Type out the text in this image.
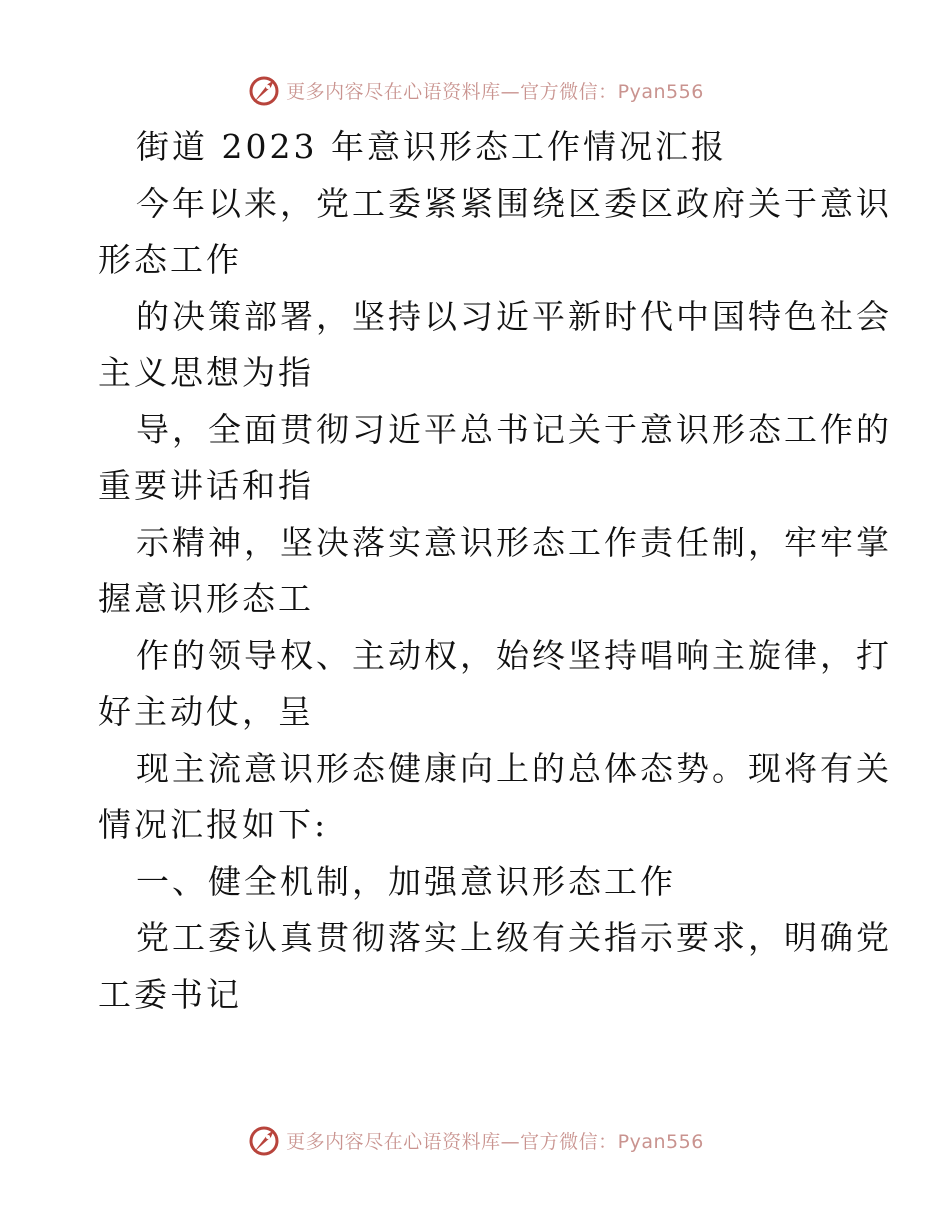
更多内容尽在心语资料库—官方微信：Pyan556
街道 2023 年意识形态工作情况汇报
今年以来，党工委紧紧围绕区委区政府关于意识
形态工作
的决策部署，坚持以习近平新时代中国特色社会
主义思想为指
导，全面贯彻习近平总书记关于意识形态工作的
重要讲话和指
示精神，坚决落实意识形态工作责任制，牢牢掌
握意识形态工
作的领导权、主动权，始终坚持唱响主旋律，打
好主动仗，呈
现主流意识形态健康向上的总体态势。现将有关
情况汇报如下:
一、健全机制，加强意识形态工作
党工委认真贯彻落实上级有关指示要求，明确党
工委书记
更多内容尽在心语资料库—官方微信：Pyan556
